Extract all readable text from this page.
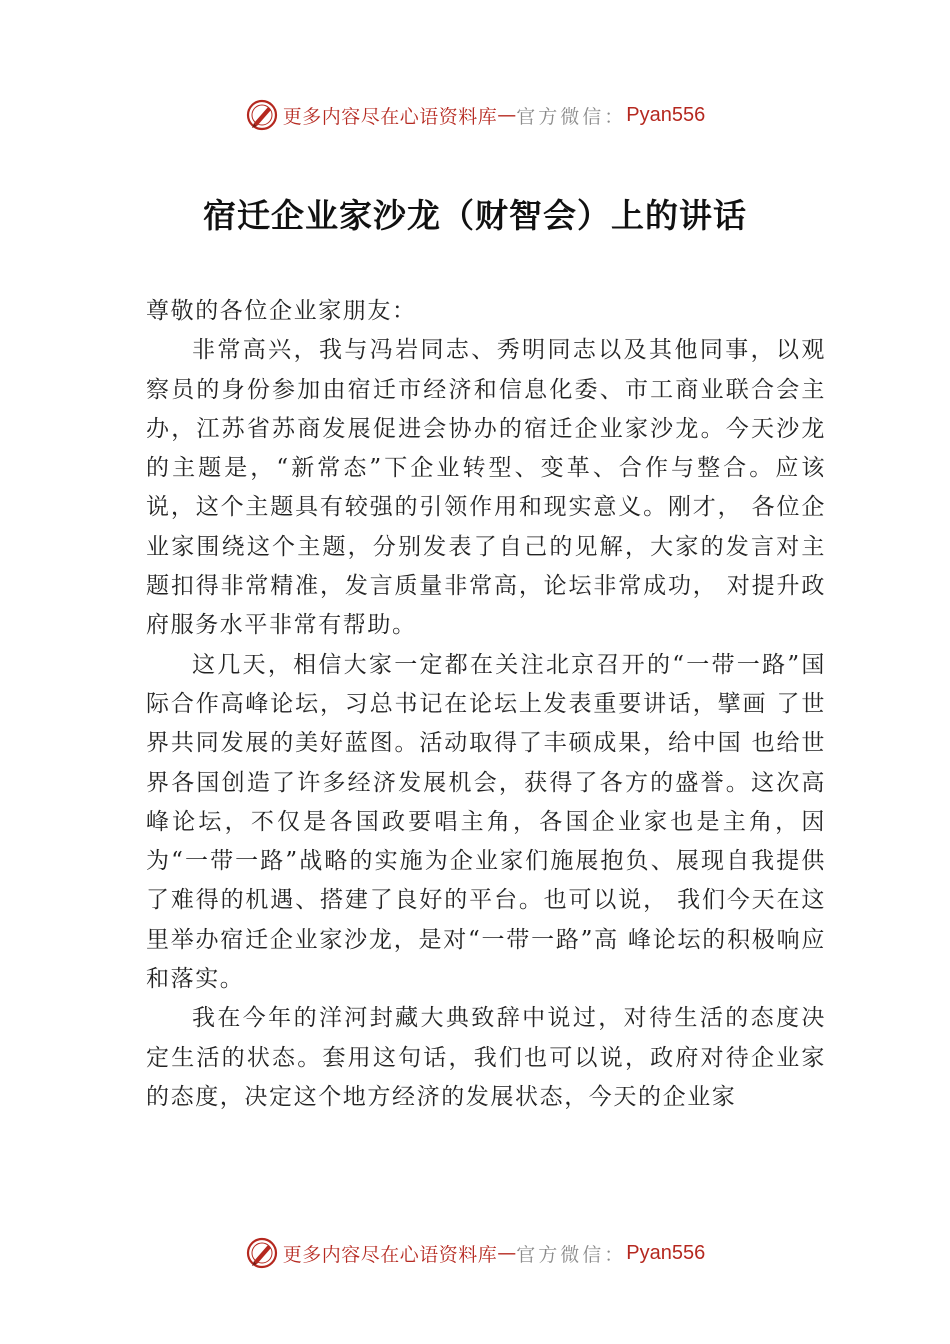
更多内容尽在心语资料库 — 官方微信： Pyan556
宿迁企业家沙龙（财智会）上的讲话

尊敬的各位企业家朋友：

非常高兴，我与冯岩同志、秀明同志以及其他同事，以观察员的身份参加由宿迁市经济和信息化委、市工商业联合会主办，江苏省苏商发展促进会协办的宿迁企业家沙龙。今天沙龙的主题是，“新常态”下企业转型、变革、合作与整合。应该说，这个主题具有较强的引领作用和现实意义。刚才， 各位企业家围绕这个主题，分别发表了自己的见解，大家的发言对主题扣得非常精准，发言质量非常高，论坛非常成功， 对提升政府服务水平非常有帮助。

这几天，相信大家一定都在关注北京召开的“一带一路”国际合作高峰论坛，习总书记在论坛上发表重要讲话，擘画 了世界共同发展的美好蓝图。活动取得了丰硕成果，给中国 也给世界各国创造了许多经济发展机会，获得了各方的盛誉。这次高峰论坛，不仅是各国政要唱主角，各国企业家也是主角，因为“一带一路”战略的实施为企业家们施展抱负、展现自我提供了难得的机遇、搭建了良好的平台。也可以说， 我们今天在这里举办宿迁企业家沙龙，是对“一带一路”高 峰论坛的积极响应和落实。

我在今年的洋河封藏大典致辞中说过，对待生活的态度决定生活的状态。套用这句话，我们也可以说，政府对待企业家的态度，决定这个地方经济的发展状态，今天的企业家

更多内容尽在心语资料库 — 官方微信： Pyan556
